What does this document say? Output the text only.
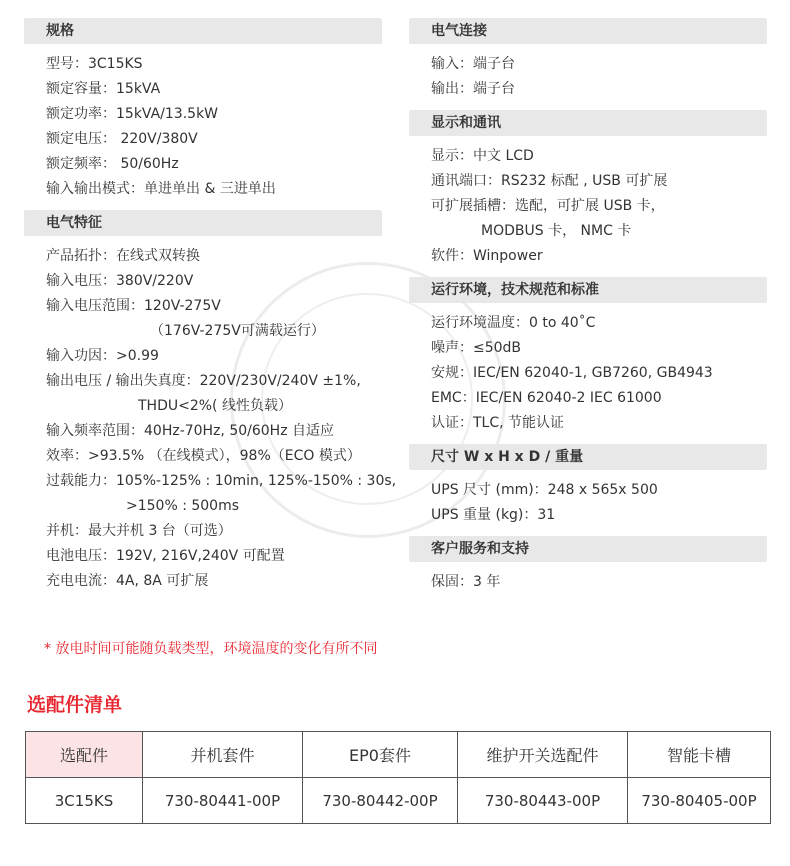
规格
型号：3C15KS
额定容量：15kVA
额定功率：15kVA/13.5kW
额定电压： 220V/380V
额定频率： 50/60Hz
输入输出模式：单进单出 & 三进单出
电气特征
产品拓扑：在线式双转换
输入电压：380V/220V
输入电压范围：120V-275V
（176V-275V可满载运行）
输入功因：>0.99
输出电压 / 输出失真度：220V/230V/240V ±1%,
THDU<2%( 线性负载）
输入频率范围：40Hz-70Hz, 50/60Hz 自适应
效率：>93.5% （在线模式），98%（ECO 模式）
过载能力：105%-125% : 10min, 125%-150% : 30s,
>150% : 500ms
并机：最大并机 3 台（可选）
电池电压：192V, 216V,240V 可配置
充电电流：4A, 8A 可扩展
电气连接
输入：端子台
输出：端子台
显示和通讯
显示：中文 LCD
通讯端口：RS232 标配 , USB 可扩展
可扩展插槽：选配，可扩展 USB 卡，
MODBUS 卡， NMC 卡
软件：Winpower
运行环境，技术规范和标准
运行环境温度：0 to 40˚C
噪声：≤50dB
安规：IEC/EN 62040-1, GB7260, GB4943
EMC：IEC/EN 62040-2 IEC 61000
认证：TLC, 节能认证
尺寸 W x H x D / 重量
UPS 尺寸 (mm)：248 x 565x 500
UPS 重量 (kg)：31
客户服务和支持
保固：3 年
* 放电时间可能随负载类型，环境温度的变化有所不同
选配件清单
选配件	并机套件	EP0套件	维护开关选配件	智能卡槽
3C15KS	730-80441-00P	730-80442-00P	730-80443-00P	730-80405-00P
